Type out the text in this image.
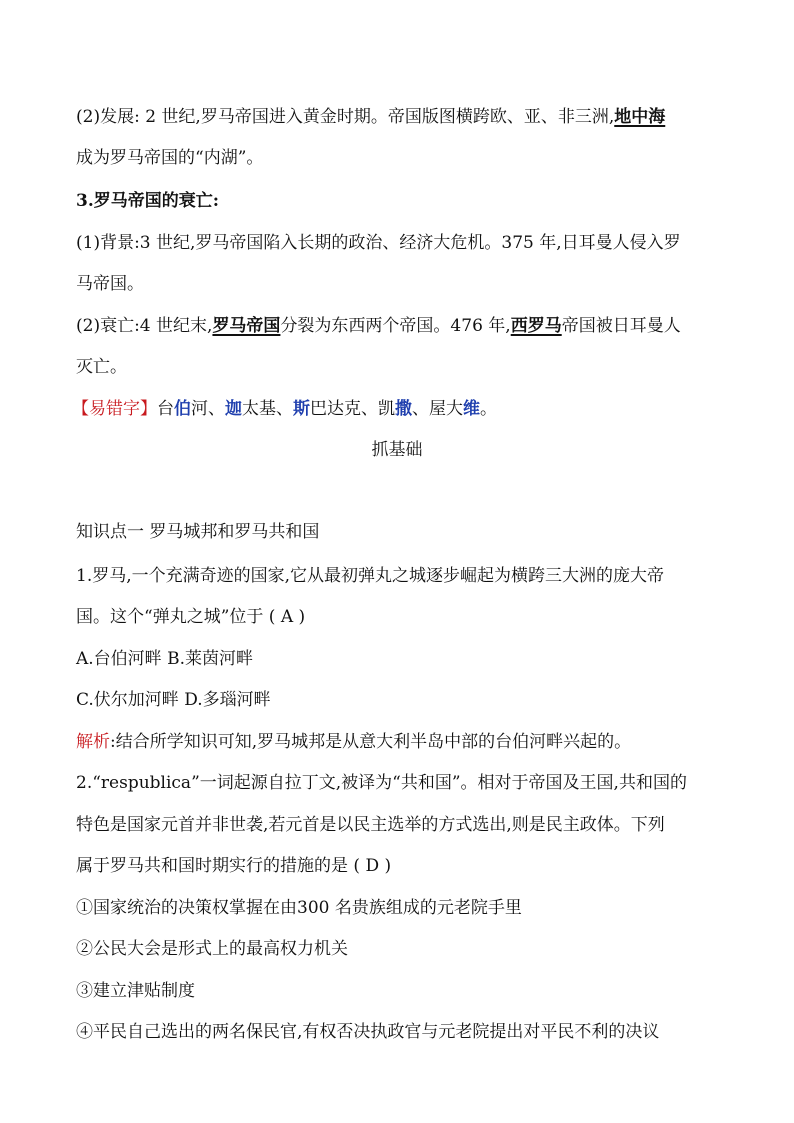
(2)发展: 2 世纪,罗马帝国进入黄金时期。帝国版图横跨欧、亚、非三洲,地中海
成为罗马帝国的“内湖”。
3.罗马帝国的衰亡:
(1)背景:3 世纪,罗马帝国陷入长期的政治、经济大危机。375 年,日耳曼人侵入罗
马帝国。
(2)衰亡:4 世纪末,罗马帝国分裂为东西两个帝国。476 年,西罗马帝国被日耳曼人
灭亡。
【易错字】台伯河、迦太基、斯巴达克、凯撒、屋大维。
抓基础
知识点一 罗马城邦和罗马共和国
1.罗马,一个充满奇迹的国家,它从最初弹丸之城逐步崛起为横跨三大洲的庞大帝
国。这个“弹丸之城”位于 ( A )
A.台伯河畔 B.莱茵河畔
C.伏尔加河畔 D.多瑙河畔
解析:结合所学知识可知,罗马城邦是从意大利半岛中部的台伯河畔兴起的。
2.“respublica”一词起源自拉丁文,被译为“共和国”。相对于帝国及王国,共和国的
特色是国家元首并非世袭,若元首是以民主选举的方式选出,则是民主政体。下列
属于罗马共和国时期实行的措施的是 ( D )
①国家统治的决策权掌握在由300 名贵族组成的元老院手里
②公民大会是形式上的最高权力机关
③建立津贴制度
④平民自己选出的两名保民官,有权否决执政官与元老院提出对平民不利的决议
